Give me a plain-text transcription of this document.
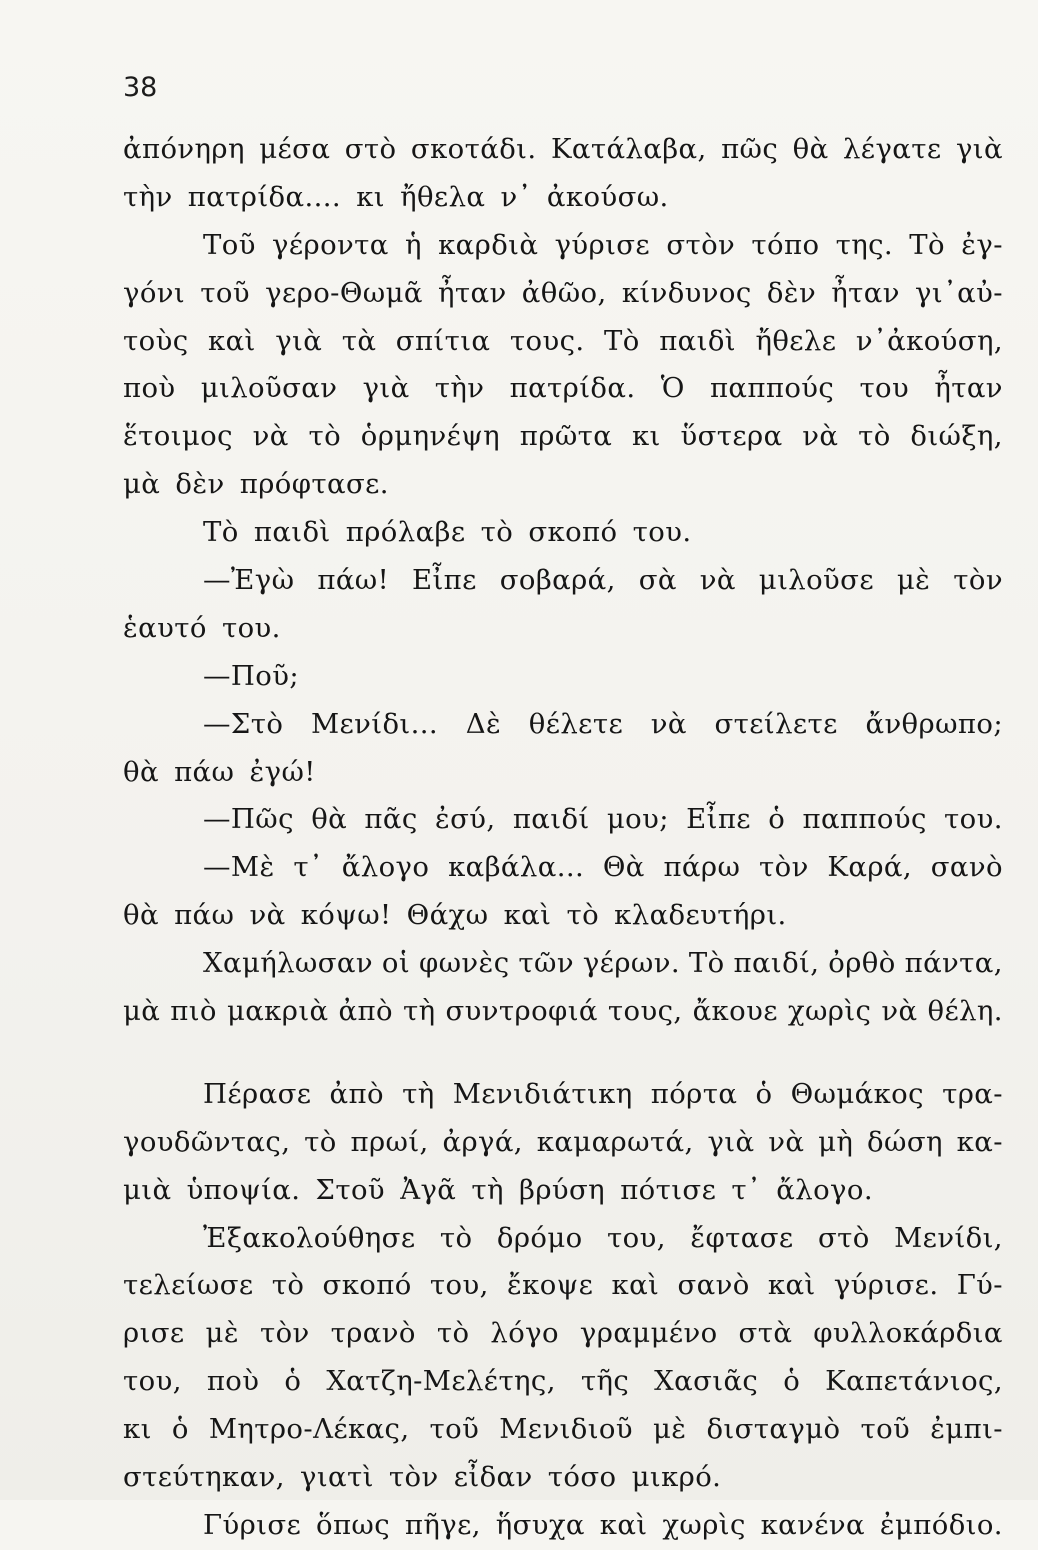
38
ἀπόνηρη μέσα στὸ σκοτάδι. Κατάλαβα, πῶς θὰ λέγατε γιὰ
τὴν πατρίδα.... κι ἤθελα ν᾿ ἀκούσω.
Τοῦ γέροντα ἡ καρδιὰ γύρισε στὸν τόπο της. Τὸ ἐγ-
γόνι τοῦ γερο-Θωμᾶ ἦταν ἀθῶο, κίνδυνος δὲν ἦταν γι᾿αὐ-
τοὺς καὶ γιὰ τὰ σπίτια τους. Τὸ παιδὶ ἤθελε ν᾿ἀκούση,
ποὺ μιλοῦσαν γιὰ τὴν πατρίδα. Ὁ παππούς του ἦταν
ἕτοιμος νὰ τὸ ὁρμηνέψη πρῶτα κι ὕστερα νὰ τὸ διώξη,
μὰ δὲν πρόφτασε.
Τὸ παιδὶ πρόλαβε τὸ σκοπό του.
—Ἐγὼ πάω! Εἶπε σοβαρά, σὰ νὰ μιλοῦσε μὲ τὸν
ἑαυτό του.
—Ποῦ;
—Στὸ Μενίδι... Δὲ θέλετε νὰ στείλετε ἄνθρωπο;
θὰ πάω ἐγώ!
—Πῶς θὰ πᾶς ἐσύ, παιδί μου; Εἶπε ὁ παππούς του.
—Μὲ τ᾿ ἄλογο καβάλα... Θὰ πάρω τὸν Καρά, σανὸ
θὰ πάω νὰ κόψω! Θάχω καὶ τὸ κλαδευτήρι.
Χαμήλωσαν οἱ φωνὲς τῶν γέρων. Τὸ παιδί, ὀρθὸ πάντα,
μὰ πιὸ μακριὰ ἀπὸ τὴ συντροφιά τους, ἄκουε χωρὶς νὰ θέλη.
Πέρασε ἀπὸ τὴ Μενιδιάτικη πόρτα ὁ Θωμάκος τρα-
γουδῶντας, τὸ πρωί, ἀργά, καμαρωτά, γιὰ νὰ μὴ δώση κα-
μιὰ ὑποψία. Στοῦ Ἀγᾶ τὴ βρύση πότισε τ᾿ ἄλογο.
Ἐξακολούθησε τὸ δρόμο του, ἔφτασε στὸ Μενίδι,
τελείωσε τὸ σκοπό του, ἔκοψε καὶ σανὸ καὶ γύρισε. Γύ-
ρισε μὲ τὸν τρανὸ τὸ λόγο γραμμένο στὰ φυλλοκάρδια
του, ποὺ ὁ Χατζη-Μελέτης, τῆς Χασιᾶς ὁ Καπετάνιος,
κι ὁ Μητρο-Λέκας, τοῦ Μενιδιοῦ μὲ δισταγμὸ τοῦ ἐμπι-
στεύτηκαν, γιατὶ τὸν εἶδαν τόσο μικρό.
Γύρισε ὅπως πῆγε, ἥσυχα καὶ χωρὶς κανένα ἐμπόδιο.
